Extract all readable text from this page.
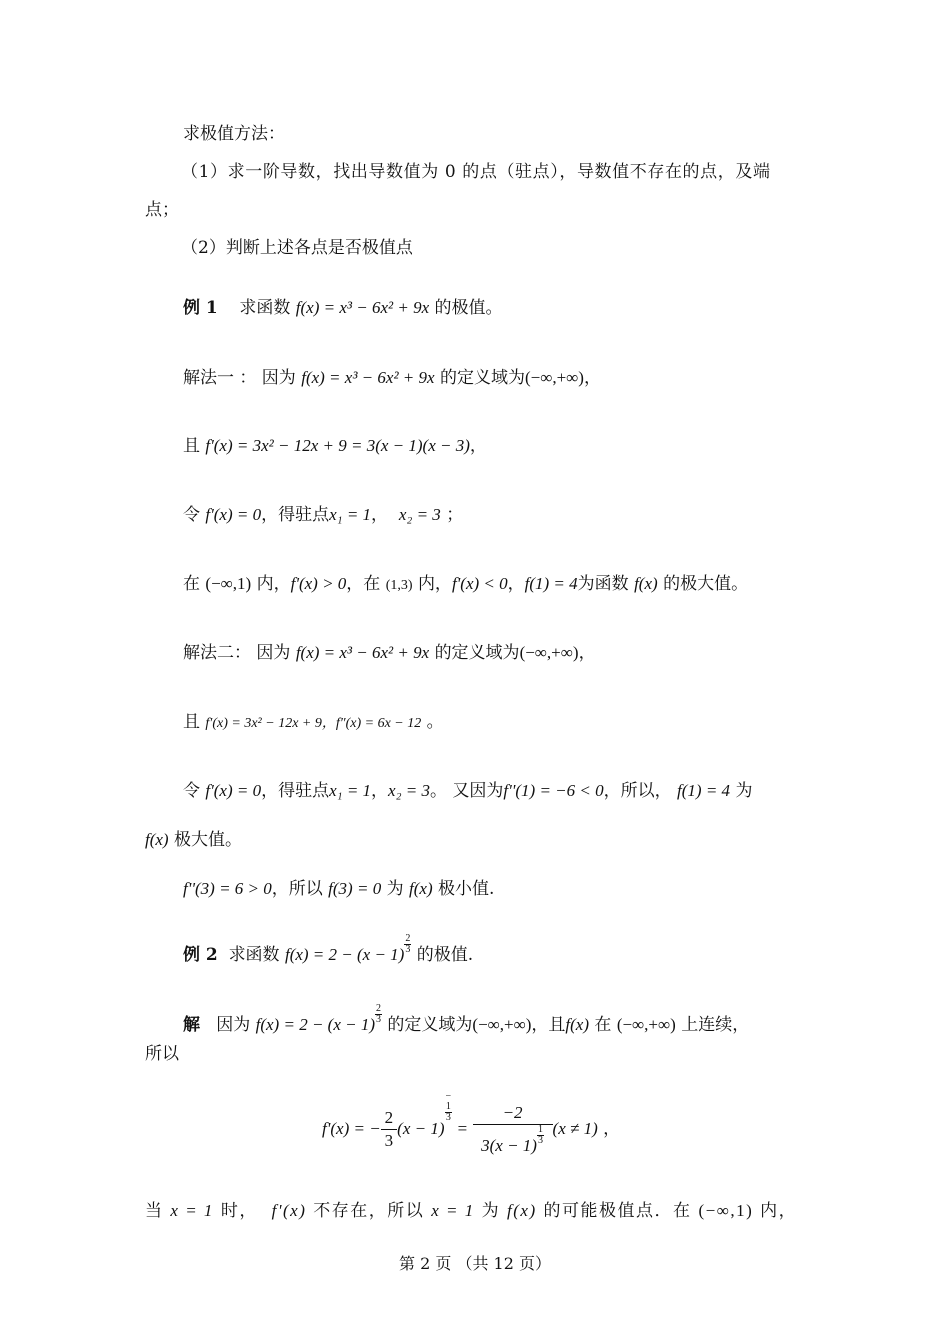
求极值方法：
（1）求一阶导数，找出导数值为 0 的点（驻点），导数值不存在的点，及端
点；
（2）判断上述各点是否极值点
例 1 求函数 f(x) = x³ − 6x² + 9x 的极值。
解法一 ： 因为 f(x) = x³ − 6x² + 9x 的定义域为(−∞,+∞)，
且 f'(x) = 3x² − 12x + 9 = 3(x − 1)(x − 3)，
令 f'(x) = 0，得驻点x₁ = 1， x₂ = 3 ；
在 (−∞,1) 内，f'(x) > 0，在 (1,3) 内，f'(x) < 0，f(1) = 4为函数 f(x) 的极大值。
解法二： 因为 f(x) = x³ − 6x² + 9x 的定义域为(−∞,+∞)，
且 f′(x) = 3x² − 12x + 9，f″(x) = 6x − 12 。
令 f'(x) = 0，得驻点x₁ = 1，x₂ = 3。 又因为f''(1) = −6 < 0，所以， f(1) = 4 为
f(x) 极大值。
f''(3) = 6 > 0，所以 f(3) = 0 为 f(x) 极小值.
例 2 求函数 $f(x) = 2 - (x - 1) \frac{2}{3}$ 的极值.
解 因为 $f(x) = 2 - (x - 1) \frac{2}{3}$ 的定义域为(−∞,+∞)，且f(x) 在 (−∞,+∞) 上连续，
所以
f'(x) = − $\frac{2}{3} (x - 1)$
−
1
3
= $\frac{-2}{3(x - 1) \frac{1}{3}} (x \ne 1)$ ，
当 x = 1 时， f'(x) 不存在，所以 x = 1 为 f(x) 的可能极值点．在 (−∞,1) 内，
第 2 页 （共 12 页）
